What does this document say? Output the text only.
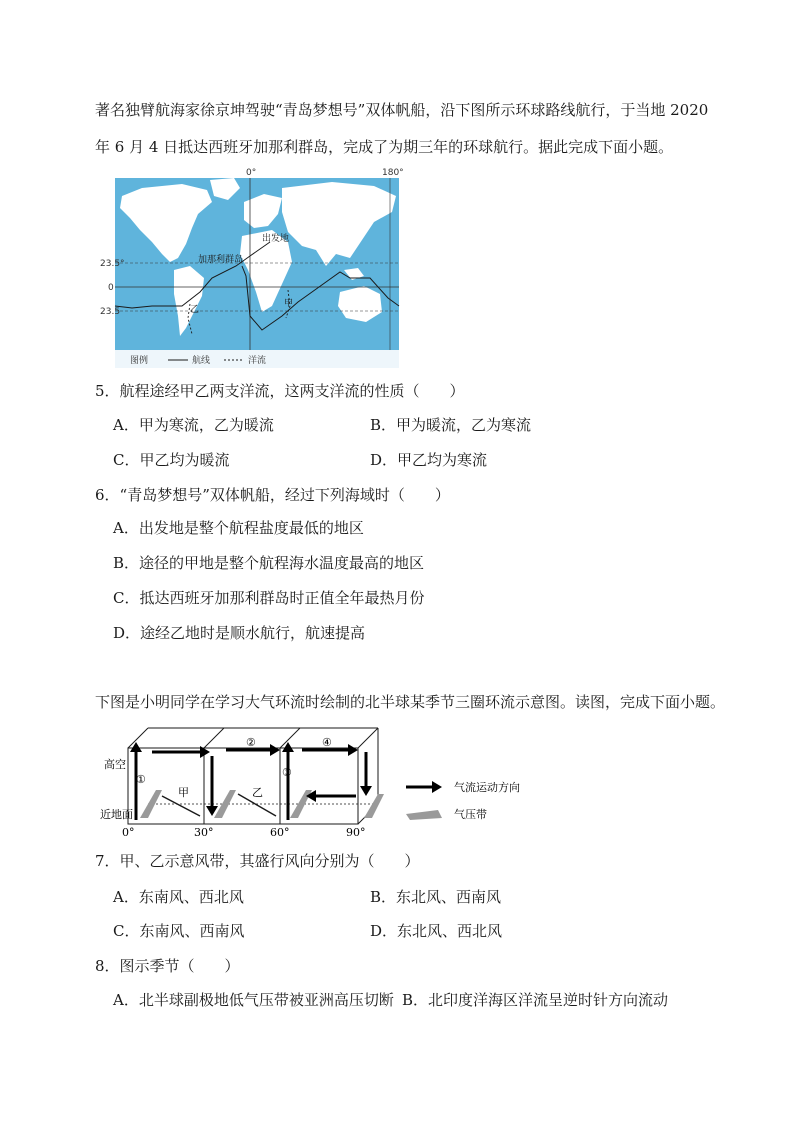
著名独臂航海家徐京坤驾驶“青岛梦想号”双体帆船，沿下图所示环球路线航行，于当地 2020
年 6 月 4 日抵达西班牙加那利群岛，完成了为期三年的环球航行。据此完成下面小题。
0°	180°
23.5°
0
23.5
出发地
加那利群岛
甲
乙
图例	航线	洋流
5．航程途经甲乙两支洋流，这两支洋流的性质（　　）
A．甲为寒流，乙为暖流	B．甲为暖流，乙为寒流
C．甲乙均为暖流	D．甲乙均为寒流
6．“青岛梦想号”双体帆船，经过下列海域时（　　）
A．出发地是整个航程盐度最低的地区
B．途径的甲地是整个航程海水温度最高的地区
C．抵达西班牙加那利群岛时正值全年最热月份
D．途经乙地时是顺水航行，航速提高
下图是小明同学在学习大气环流时绘制的北半球某季节三圈环流示意图。读图，完成下面小题。
①
②
③
④
甲	乙
高空
近地面
0°	30°	60°	90°
气流运动方向
气压带
7．甲、乙示意风带，其盛行风向分别为（　　）
A．东南风、西北风	B．东北风、西南风
C．东南风、西南风	D．东北风、西北风
8．图示季节（　　）
A．北半球副极地低气压带被亚洲高压切断 B．北印度洋海区洋流呈逆时针方向流动
